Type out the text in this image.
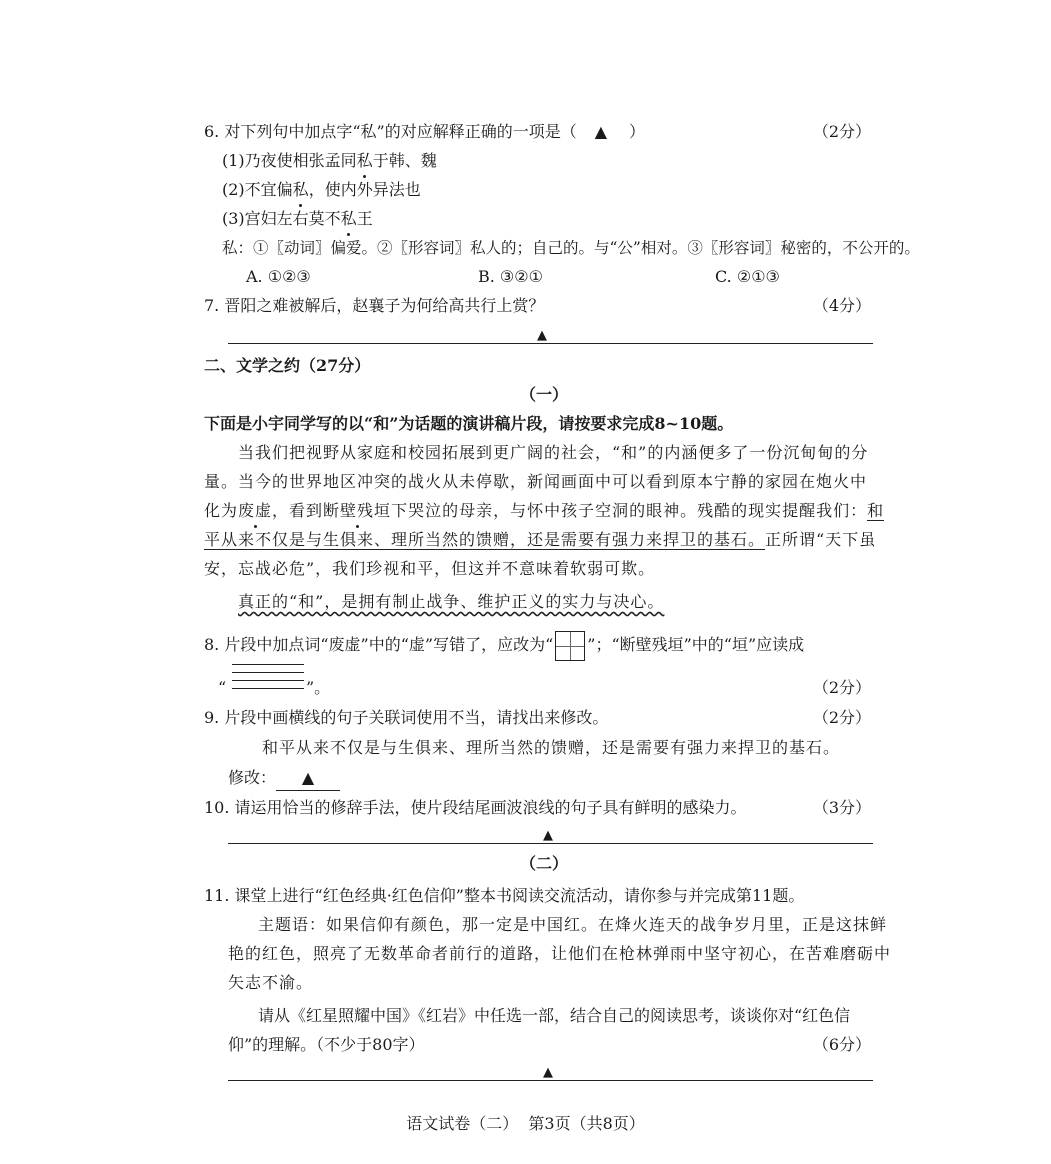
6. 对下列句中加点字“私”的对应解释正确的一项是（ ▲ ）	（2分）
(1)乃夜使相张孟同私于韩、魏
(2)不宜偏私，使内外异法也
(3)宫妇左右莫不私王
私：①〖动词〗偏爱。②〖形容词〗私人的；自己的。与“公”相对。③〖形容词〗秘密的，不公开的。
A. ①②③	B. ③②①	C. ②①③
7. 晋阳之难被解后，赵襄子为何给高共行上赏？	（4分）
▲
二、文学之约（27分）
（一）
下面是小宇同学写的以“和”为话题的演讲稿片段，请按要求完成8~10题。
当我们把视野从家庭和校园拓展到更广阔的社会，“和”的内涵便多了一份沉甸甸的分
量。当今的世界地区冲突的战火从未停歇，新闻画面中可以看到原本宁静的家园在炮火中
化为废虚，看到断壁残垣下哭泣的母亲，与怀中孩子空洞的眼神。残酷的现实提醒我们：和
平从来不仅是与生俱来、理所当然的馈赠，还是需要有强力来捍卫的基石。正所谓“天下虽
安，忘战必危”，我们珍视和平，但这并不意味着软弱可欺。
真正的“和”，是拥有制止战争、维护正义的实力与决心。
8. 片段中加点词“废虚”中的“虚”写错了，应改为“ ”；“断壁残垣”中的“垣”应读成
“	”。	（2分）
9. 片段中画横线的句子关联词使用不当，请找出来修改。	（2分）
和平从来不仅是与生俱来、理所当然的馈赠，还是需要有强力来捍卫的基石。
修改： ▲
10. 请运用恰当的修辞手法，使片段结尾画波浪线的句子具有鲜明的感染力。	（3分）
▲
（二）
11. 课堂上进行“红色经典·红色信仰”整本书阅读交流活动，请你参与并完成第11题。
主题语：如果信仰有颜色，那一定是中国红。在烽火连天的战争岁月里，正是这抹鲜
艳的红色，照亮了无数革命者前行的道路，让他们在枪林弹雨中坚守初心，在苦难磨砺中
矢志不渝。
请从《红星照耀中国》《红岩》中任选一部，结合自己的阅读思考，谈谈你对“红色信
仰”的理解。（不少于80字）	（6分）
▲
语文试卷（二）  第3页（共8页）
